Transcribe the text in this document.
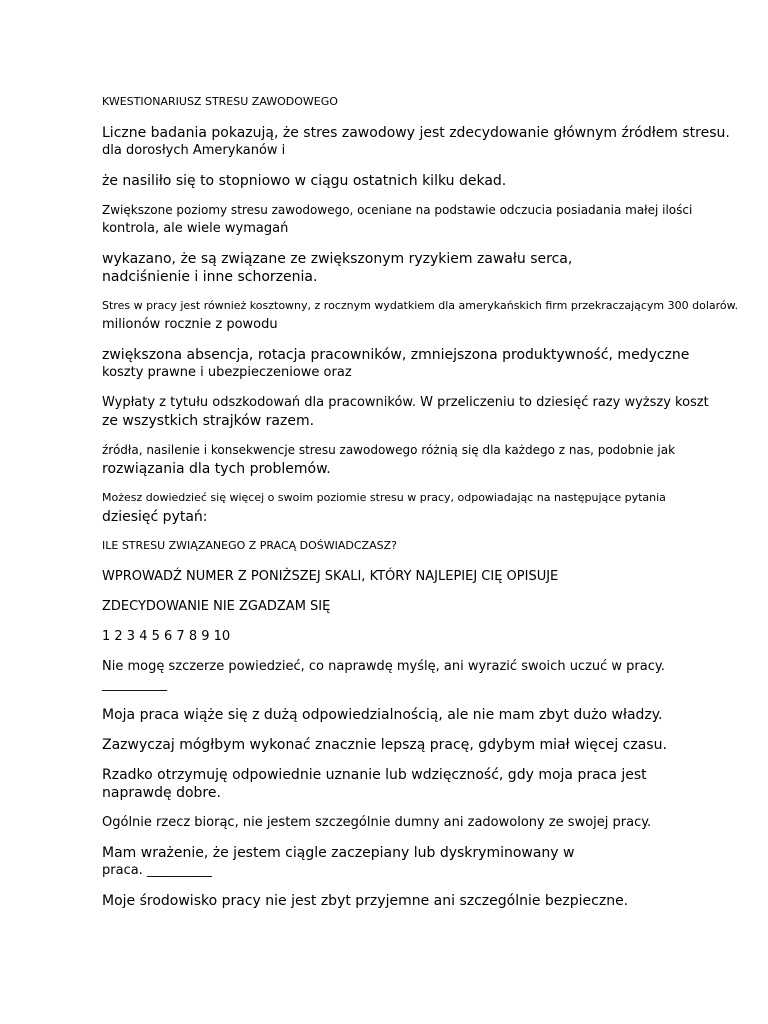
KWESTIONARIUSZ STRESU ZAWODOWEGO
Liczne badania pokazują, że stres zawodowy jest zdecydowanie głównym źródłem stresu.
dla dorosłych Amerykanów i
że nasiliło się to stopniowo w ciągu ostatnich kilku dekad.
Zwiększone poziomy stresu zawodowego, oceniane na podstawie odczucia posiadania małej ilości
kontrola, ale wiele wymagań
wykazano, że są związane ze zwiększonym ryzykiem zawału serca,
nadciśnienie i inne schorzenia.
Stres w pracy jest również kosztowny, z rocznym wydatkiem dla amerykańskich firm przekraczającym 300 dolarów.
milionów rocznie z powodu
zwiększona absencja, rotacja pracowników, zmniejszona produktywność, medyczne
koszty prawne i ubezpieczeniowe oraz
Wypłaty z tytułu odszkodowań dla pracowników. W przeliczeniu to dziesięć razy wyższy koszt
ze wszystkich strajków razem.
źródła, nasilenie i konsekwencje stresu zawodowego różnią się dla każdego z nas, podobnie jak
rozwiązania dla tych problemów.
Możesz dowiedzieć się więcej o swoim poziomie stresu w pracy, odpowiadając na następujące pytania
dziesięć pytań:
ILE STRESU ZWIĄZANEGO Z PRACĄ DOŚWIADCZASZ?
WPROWADŹ NUMER Z PONIŻSZEJ SKALI, KTÓRY NAJLEPIEJ CIĘ OPISUJE
ZDECYDOWANIE NIE ZGADZAM SIĘ
1 2 3 4 5 6 7 8 9 10
Nie mogę szczerze powiedzieć, co naprawdę myślę, ani wyrazić swoich uczuć w pracy.
__________
Moja praca wiąże się z dużą odpowiedzialnością, ale nie mam zbyt dużo władzy.
Zazwyczaj mógłbym wykonać znacznie lepszą pracę, gdybym miał więcej czasu.
Rzadko otrzymuję odpowiednie uznanie lub wdzięczność, gdy moja praca jest
naprawdę dobre.
Ogólnie rzecz biorąc, nie jestem szczególnie dumny ani zadowolony ze swojej pracy.
Mam wrażenie, że jestem ciągle zaczepiany lub dyskryminowany w
praca. __________
Moje środowisko pracy nie jest zbyt przyjemne ani szczególnie bezpieczne.
